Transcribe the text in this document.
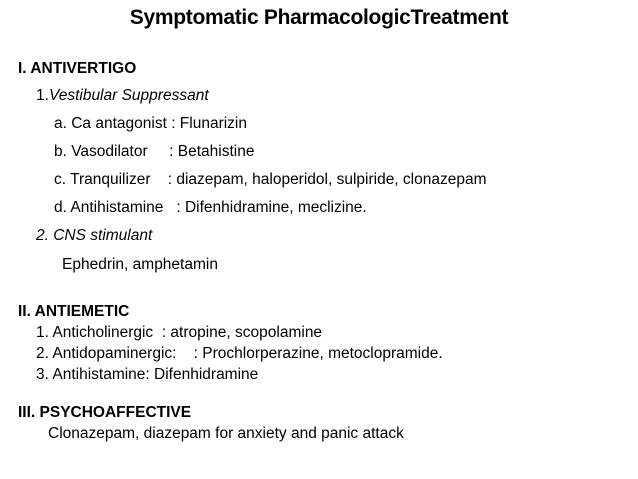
Symptomatic PharmacologicTreatment
I. ANTIVERTIGO
1.Vestibular Suppressant
a. Ca antagonist : Flunarizin
b. Vasodilator     : Betahistine
c. Tranquilizer    : diazepam, haloperidol, sulpiride, clonazepam
d. Antihistamine   : Difenhidramine, meclizine.
2. CNS stimulant
Ephedrin, amphetamin
II. ANTIEMETIC
1. Anticholinergic  : atropine, scopolamine
2. Antidopaminergic:    : Prochlorperazine, metoclopramide.
3. Antihistamine: Difenhidramine
III. PSYCHOAFFECTIVE
Clonazepam, diazepam for anxiety and panic attack
